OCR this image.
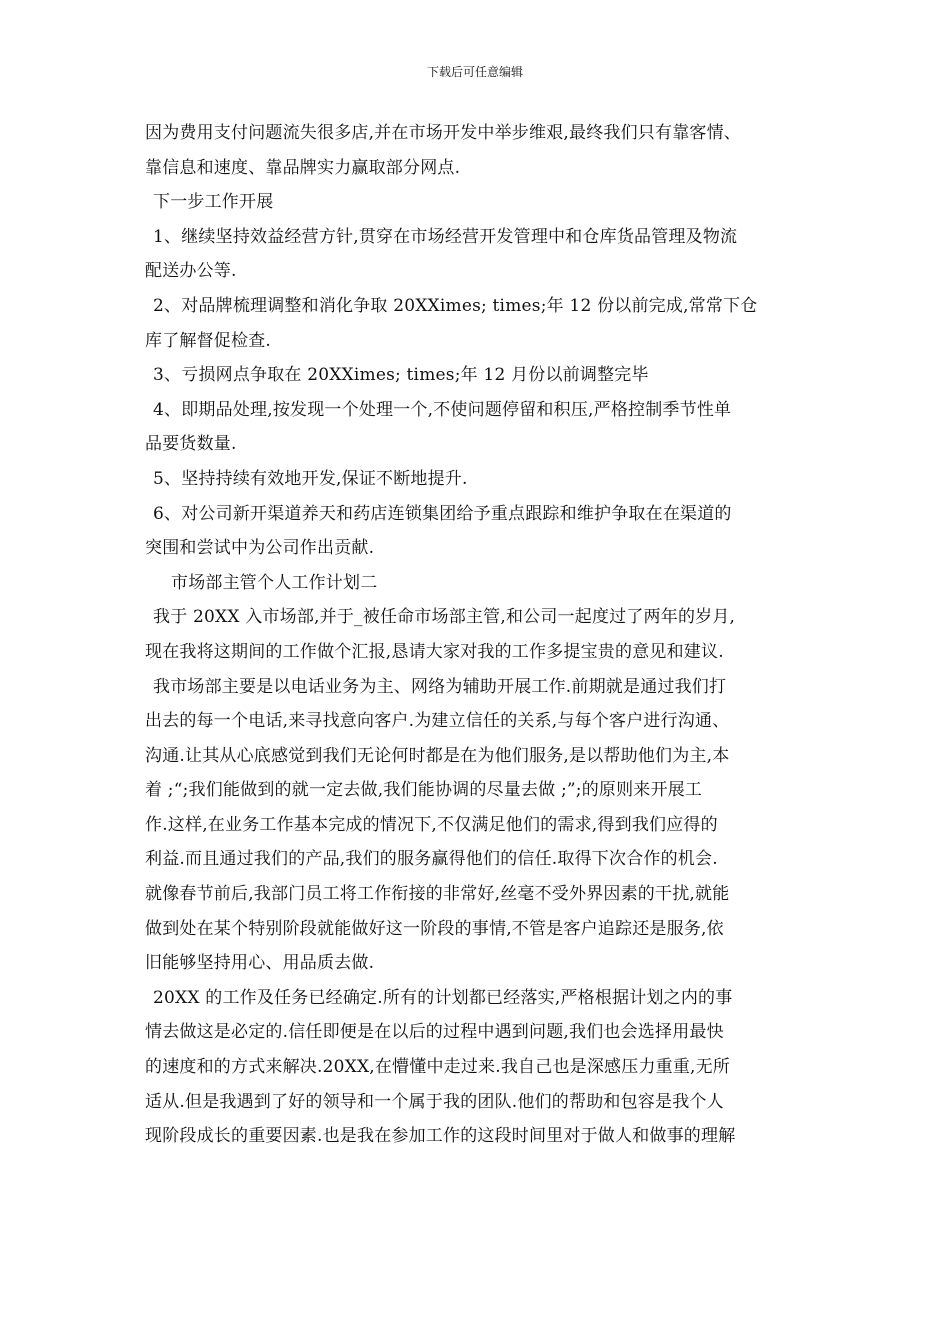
下载后可任意编辑
因为费用支付问题流失很多店,并在市场开发中举步维艰,最终我们只有靠客情、
靠信息和速度、靠品牌实力赢取部分网点.
下一步工作开展
1、继续坚持效益经营方针,贯穿在市场经营开发管理中和仓库货品管理及物流
配送办公等.
2、对品牌梳理调整和消化争取 20XXimes; times;年 12 份以前完成,常常下仓
库了解督促检查.
3、亏损网点争取在 20XXimes; times;年 12 月份以前调整完毕
4、即期品处理,按发现一个处理一个,不使问题停留和积压,严格控制季节性单
品要货数量.
5、坚持持续有效地开发,保证不断地提升.
6、对公司新开渠道养天和药店连锁集团给予重点跟踪和维护争取在在渠道的
突围和尝试中为公司作出贡献.
市场部主管个人工作计划二
我于 20XX 入市场部,并于_被任命市场部主管,和公司一起度过了两年的岁月,
现在我将这期间的工作做个汇报,恳请大家对我的工作多提宝贵的意见和建议.
我市场部主要是以电话业务为主、网络为辅助开展工作.前期就是通过我们打
出去的每一个电话,来寻找意向客户.为建立信任的关系,与每个客户进行沟通、
沟通.让其从心底感觉到我们无论何时都是在为他们服务,是以帮助他们为主,本
着 ;“;我们能做到的就一定去做,我们能协调的尽量去做 ;”;的原则来开展工
作.这样,在业务工作基本完成的情况下,不仅满足他们的需求,得到我们应得的
利益.而且通过我们的产品,我们的服务赢得他们的信任.取得下次合作的机会.
就像春节前后,我部门员工将工作衔接的非常好,丝毫不受外界因素的干扰,就能
做到处在某个特别阶段就能做好这一阶段的事情,不管是客户追踪还是服务,依
旧能够坚持用心、用品质去做.
20XX 的工作及任务已经确定.所有的计划都已经落实,严格根据计划之内的事
情去做这是必定的.信任即便是在以后的过程中遇到问题,我们也会选择用最快
的速度和的方式来解决.20XX,在懵懂中走过来.我自己也是深感压力重重,无所
适从.但是我遇到了好的领导和一个属于我的团队.他们的帮助和包容是我个人
现阶段成长的重要因素.也是我在参加工作的这段时间里对于做人和做事的理解
